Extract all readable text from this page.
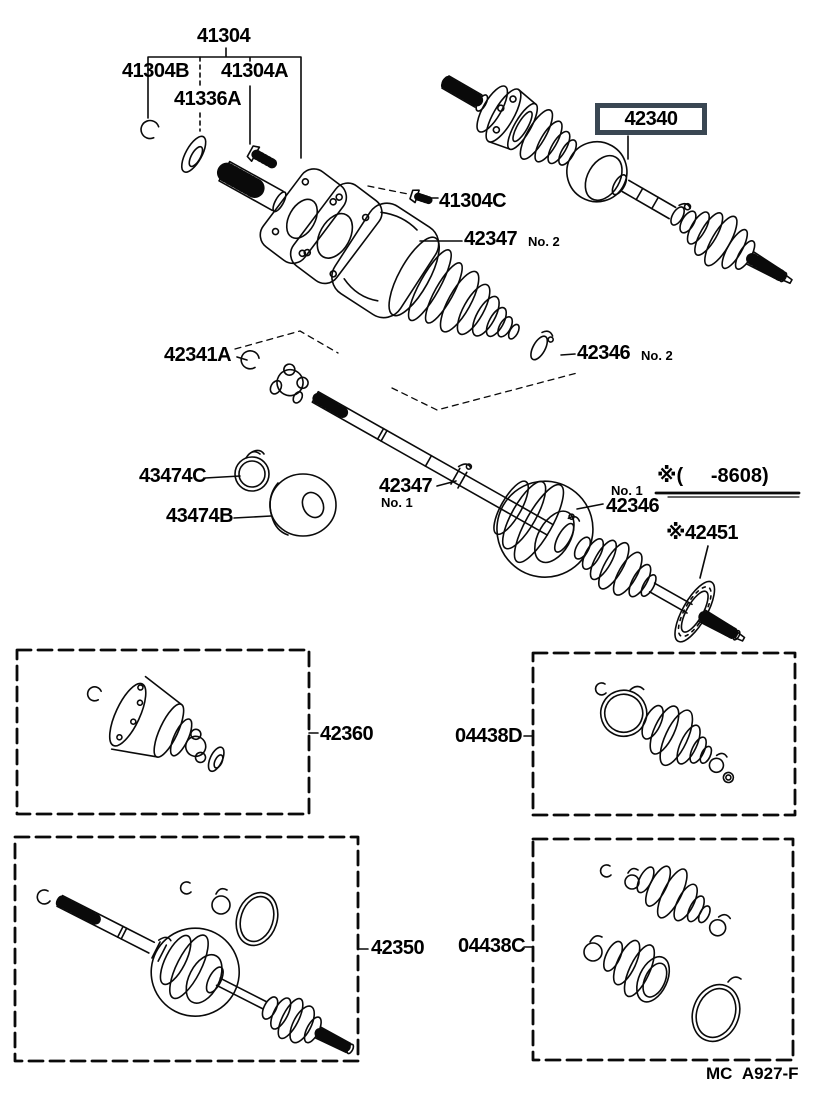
41304
41304B 41304A
41336A
42340
41304C
42347 No. 2
42341A	42346 No. 2
43474C
43474B
42347
No. 1
※(     -8608)
No. 1
42346
※42451
42360	04438D
42350 04438C
MC  A927-F
